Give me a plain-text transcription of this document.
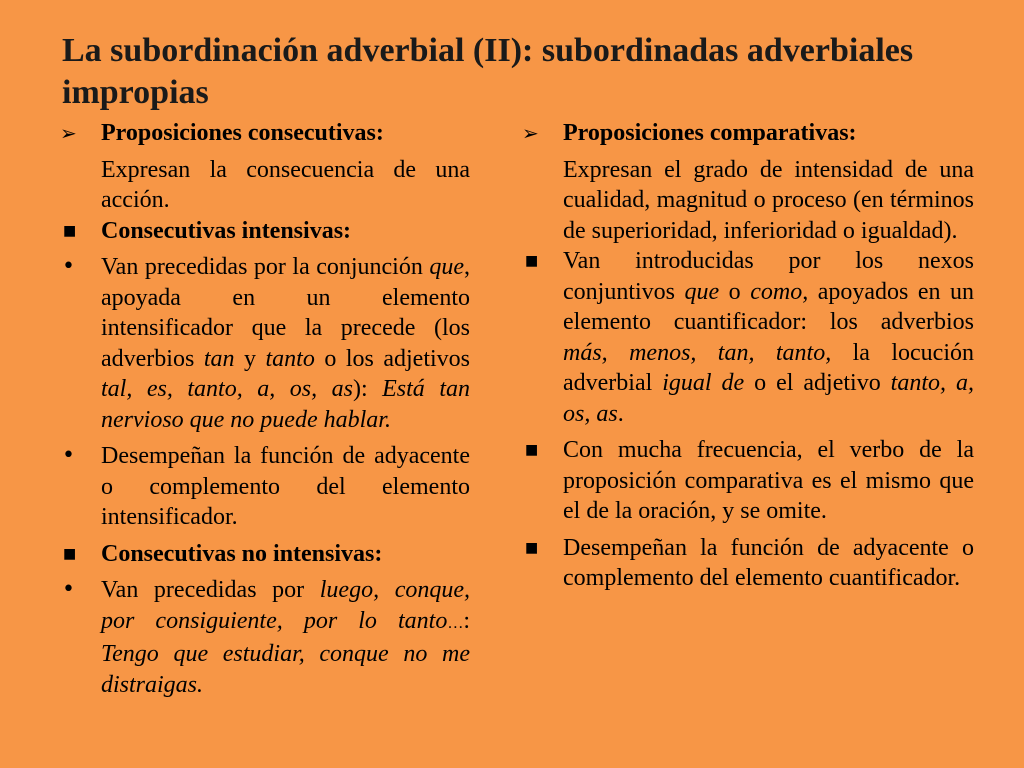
La subordinación adverbial (II): subordinadas adverbiales impropias
➢	Proposiciones consecutivas:
Expresan la consecuencia de una acción.
■	Consecutivas intensivas:
•	Van precedidas por la conjunción que, apoyada en un elemento intensificador que la precede (los adverbios tan y tanto o los adjetivos tal, es, tanto, a, os, as): Está tan nervioso que no puede hablar.
•	Desempeñan la función de adyacente o complemento del elemento intensificador.
■	Consecutivas no intensivas:
•	Van precedidas por luego, conque, por consiguiente, por lo tanto…: Tengo que estudiar, conque no me distraigas.
➢	Proposiciones comparativas:
Expresan el grado de intensidad de una cualidad, magnitud o proceso (en términos de superioridad, inferioridad o igualdad).
■	Van introducidas por los nexos conjuntivos que o como, apoyados en un elemento cuantificador: los adverbios más, menos, tan, tanto, la locución adverbial igual de o el adjetivo tanto, a, os, as.
■	Con mucha frecuencia, el verbo de la proposición comparativa es el mismo que el de la oración, y se omite.
■	Desempeñan la función de adyacente o complemento del elemento cuantificador.
